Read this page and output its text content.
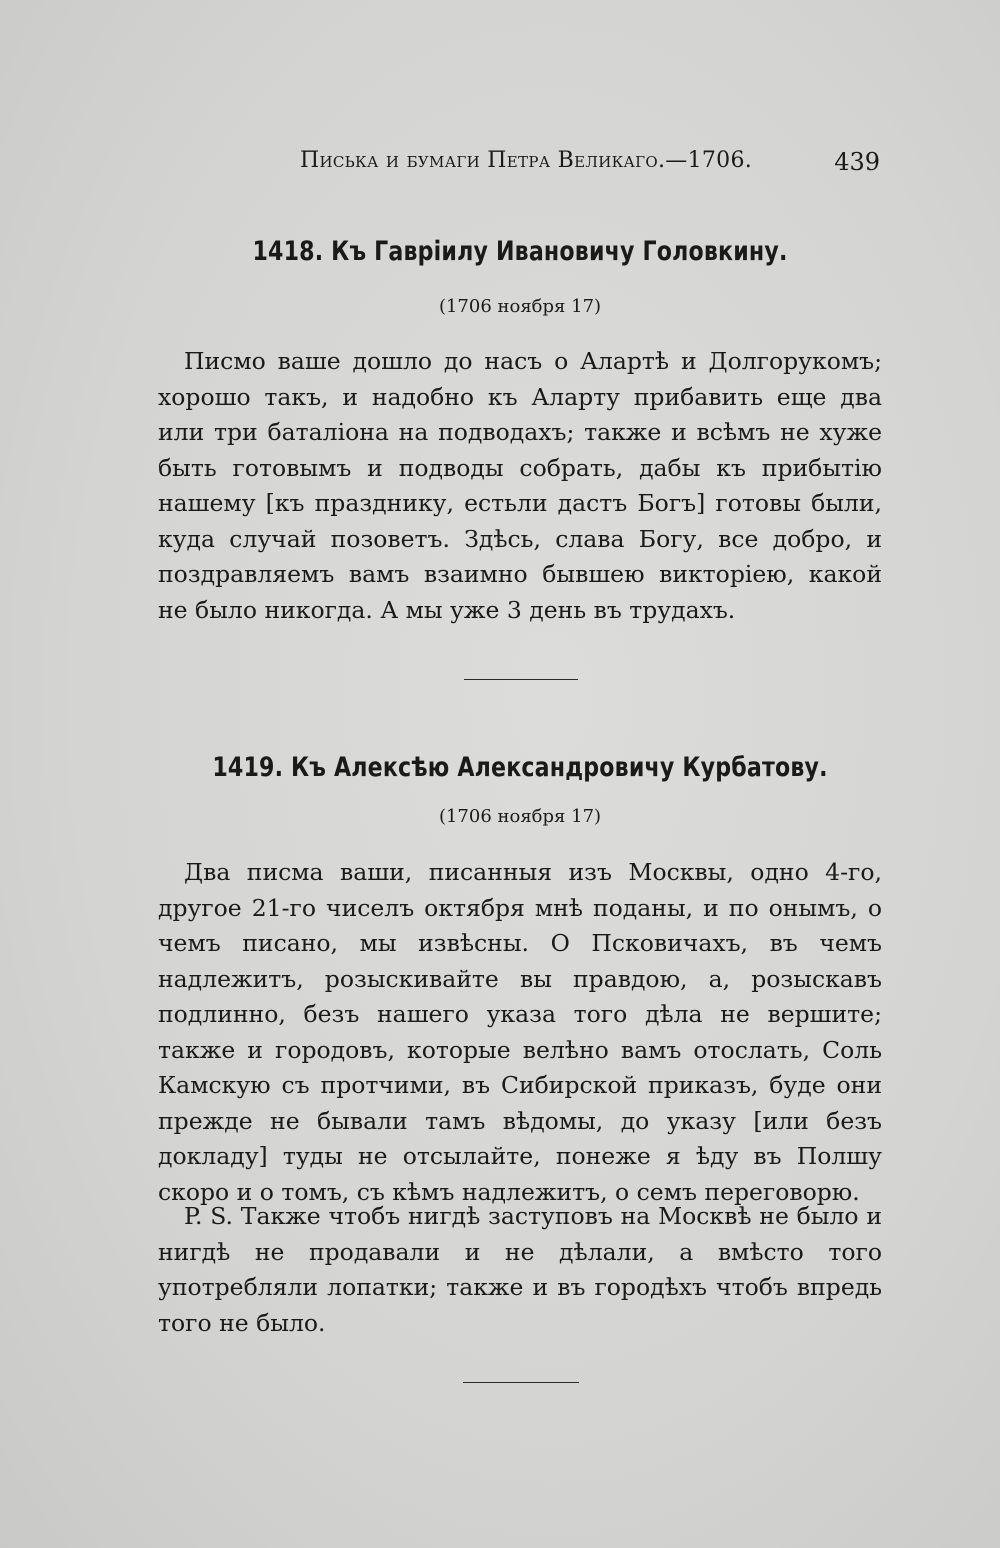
Писька и бумаги Петра Великаго.—1706.	439
1418. Къ Гавріилу Ивановичу Головкину.
(1706 ноября 17)
Писмо ваше дошло до насъ о Алартѣ и Долгорукомъ; хорошо такъ, и надобно къ Аларту прибавить еще два или три баталіона на подводахъ; также и всѣмъ не хуже быть готовымъ и подводы собрать, дабы къ прибытію нашему [къ празднику, естьли дастъ Богъ] готовы были, куда случай позоветъ. Здѣсь, слава Богу, все добро, и поздравляемъ вамъ взаимно бывшею викторіею, какой не было никогда. А мы уже 3 день въ трудахъ.
1419. Къ Алексѣю Александровичу Курбатову.
(1706 ноября 17)
Два писма ваши, писанныя изъ Москвы, одно 4-го, другое 21-го чиселъ октября мнѣ поданы, и по онымъ, о чемъ писано, мы извѣсны. О Псковичахъ, въ чемъ надлежитъ, розыскивайте вы правдою, а, розыскавъ подлинно, безъ нашего указа того дѣла не вершите; также и городовъ, которые велѣно вамъ отослать, Соль Камскую съ протчими, въ Сибирской приказъ, буде они прежде не бывали тамъ вѣдомы, до указу [или безъ докладу] туды не отсылайте, понеже я ѣду въ Полшу скоро и о томъ, съ кѣмъ надлежитъ, о семъ переговорю.
P. S. Также чтобъ нигдѣ заступовъ на Москвѣ не было и нигдѣ не продавали и не дѣлали, а вмѣсто того употребляли лопатки; также и въ городѣхъ чтобъ впредь того не было.
